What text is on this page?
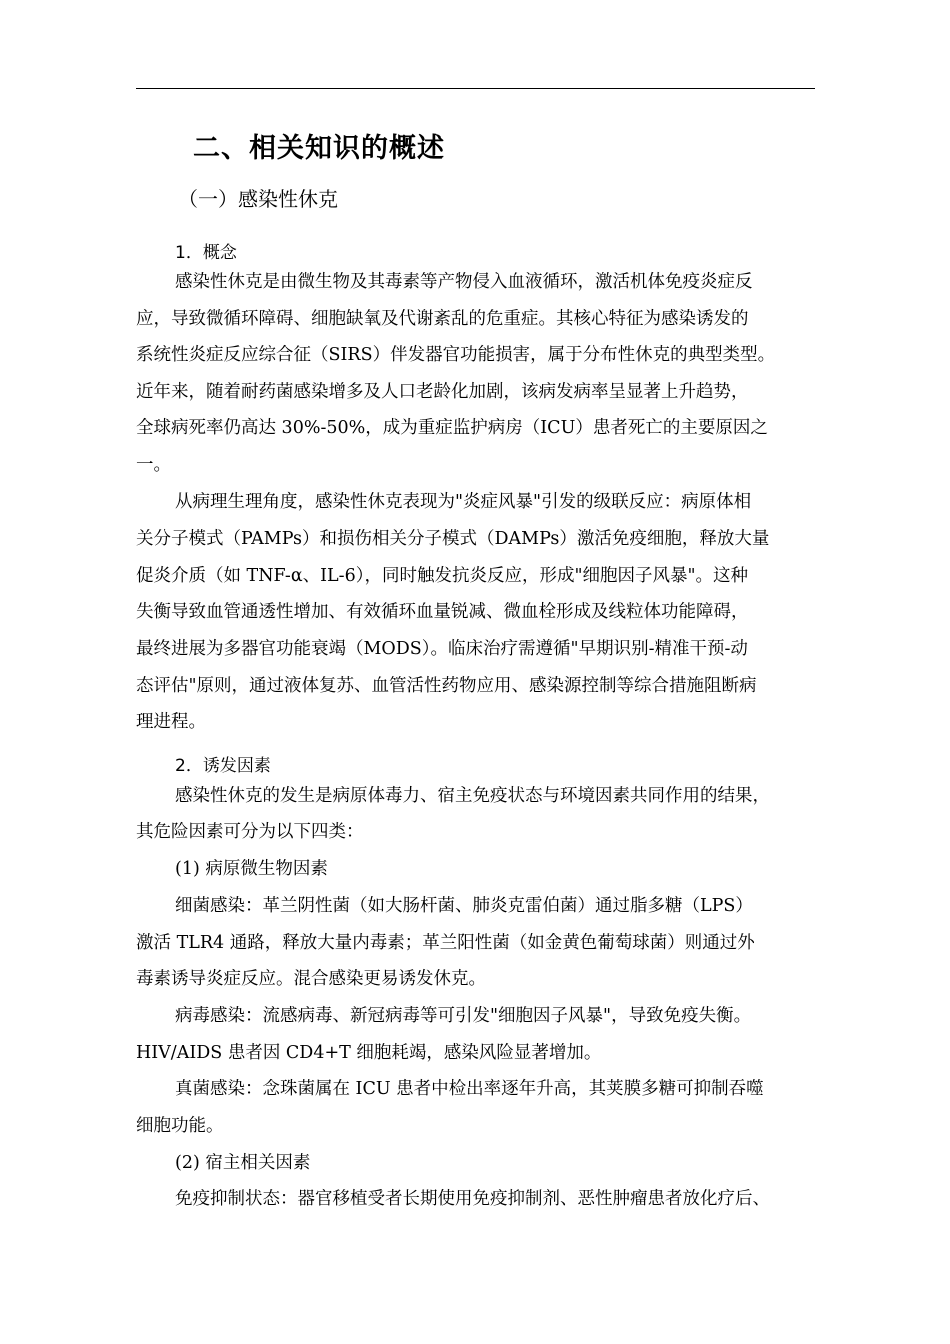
二、相关知识的概述
（一）感染性休克
1．概念
感染性休克是由微生物及其毒素等产物侵入血液循环，激活机体免疫炎症反
应，导致微循环障碍、细胞缺氧及代谢紊乱的危重症。其核心特征为感染诱发的
系统性炎症反应综合征（SIRS）伴发器官功能损害，属于分布性休克的典型类型。
近年来，随着耐药菌感染增多及人口老龄化加剧，该病发病率呈显著上升趋势，
全球病死率仍高达 30%-50%，成为重症监护病房（ICU）患者死亡的主要原因之
一。
从病理生理角度，感染性休克表现为"炎症风暴"引发的级联反应：病原体相
关分子模式（PAMPs）和损伤相关分子模式（DAMPs）激活免疫细胞，释放大量
促炎介质（如 TNF-α、IL-6），同时触发抗炎反应，形成"细胞因子风暴"。这种
失衡导致血管通透性增加、有效循环血量锐减、微血栓形成及线粒体功能障碍，
最终进展为多器官功能衰竭（MODS）。临床治疗需遵循"早期识别-精准干预-动
态评估"原则，通过液体复苏、血管活性药物应用、感染源控制等综合措施阻断病
理进程。
2．诱发因素
感染性休克的发生是病原体毒力、宿主免疫状态与环境因素共同作用的结果，
其危险因素可分为以下四类：
(1) 病原微生物因素
细菌感染：革兰阴性菌（如大肠杆菌、肺炎克雷伯菌）通过脂多糖（LPS）
激活 TLR4 通路，释放大量内毒素；革兰阳性菌（如金黄色葡萄球菌）则通过外
毒素诱导炎症反应。混合感染更易诱发休克。
病毒感染：流感病毒、新冠病毒等可引发"细胞因子风暴"，导致免疫失衡。
HIV/AIDS 患者因 CD4+T 细胞耗竭，感染风险显著增加。
真菌感染：念珠菌属在 ICU 患者中检出率逐年升高，其荚膜多糖可抑制吞噬
细胞功能。
(2) 宿主相关因素
免疫抑制状态：器官移植受者长期使用免疫抑制剂、恶性肿瘤患者放化疗后、
